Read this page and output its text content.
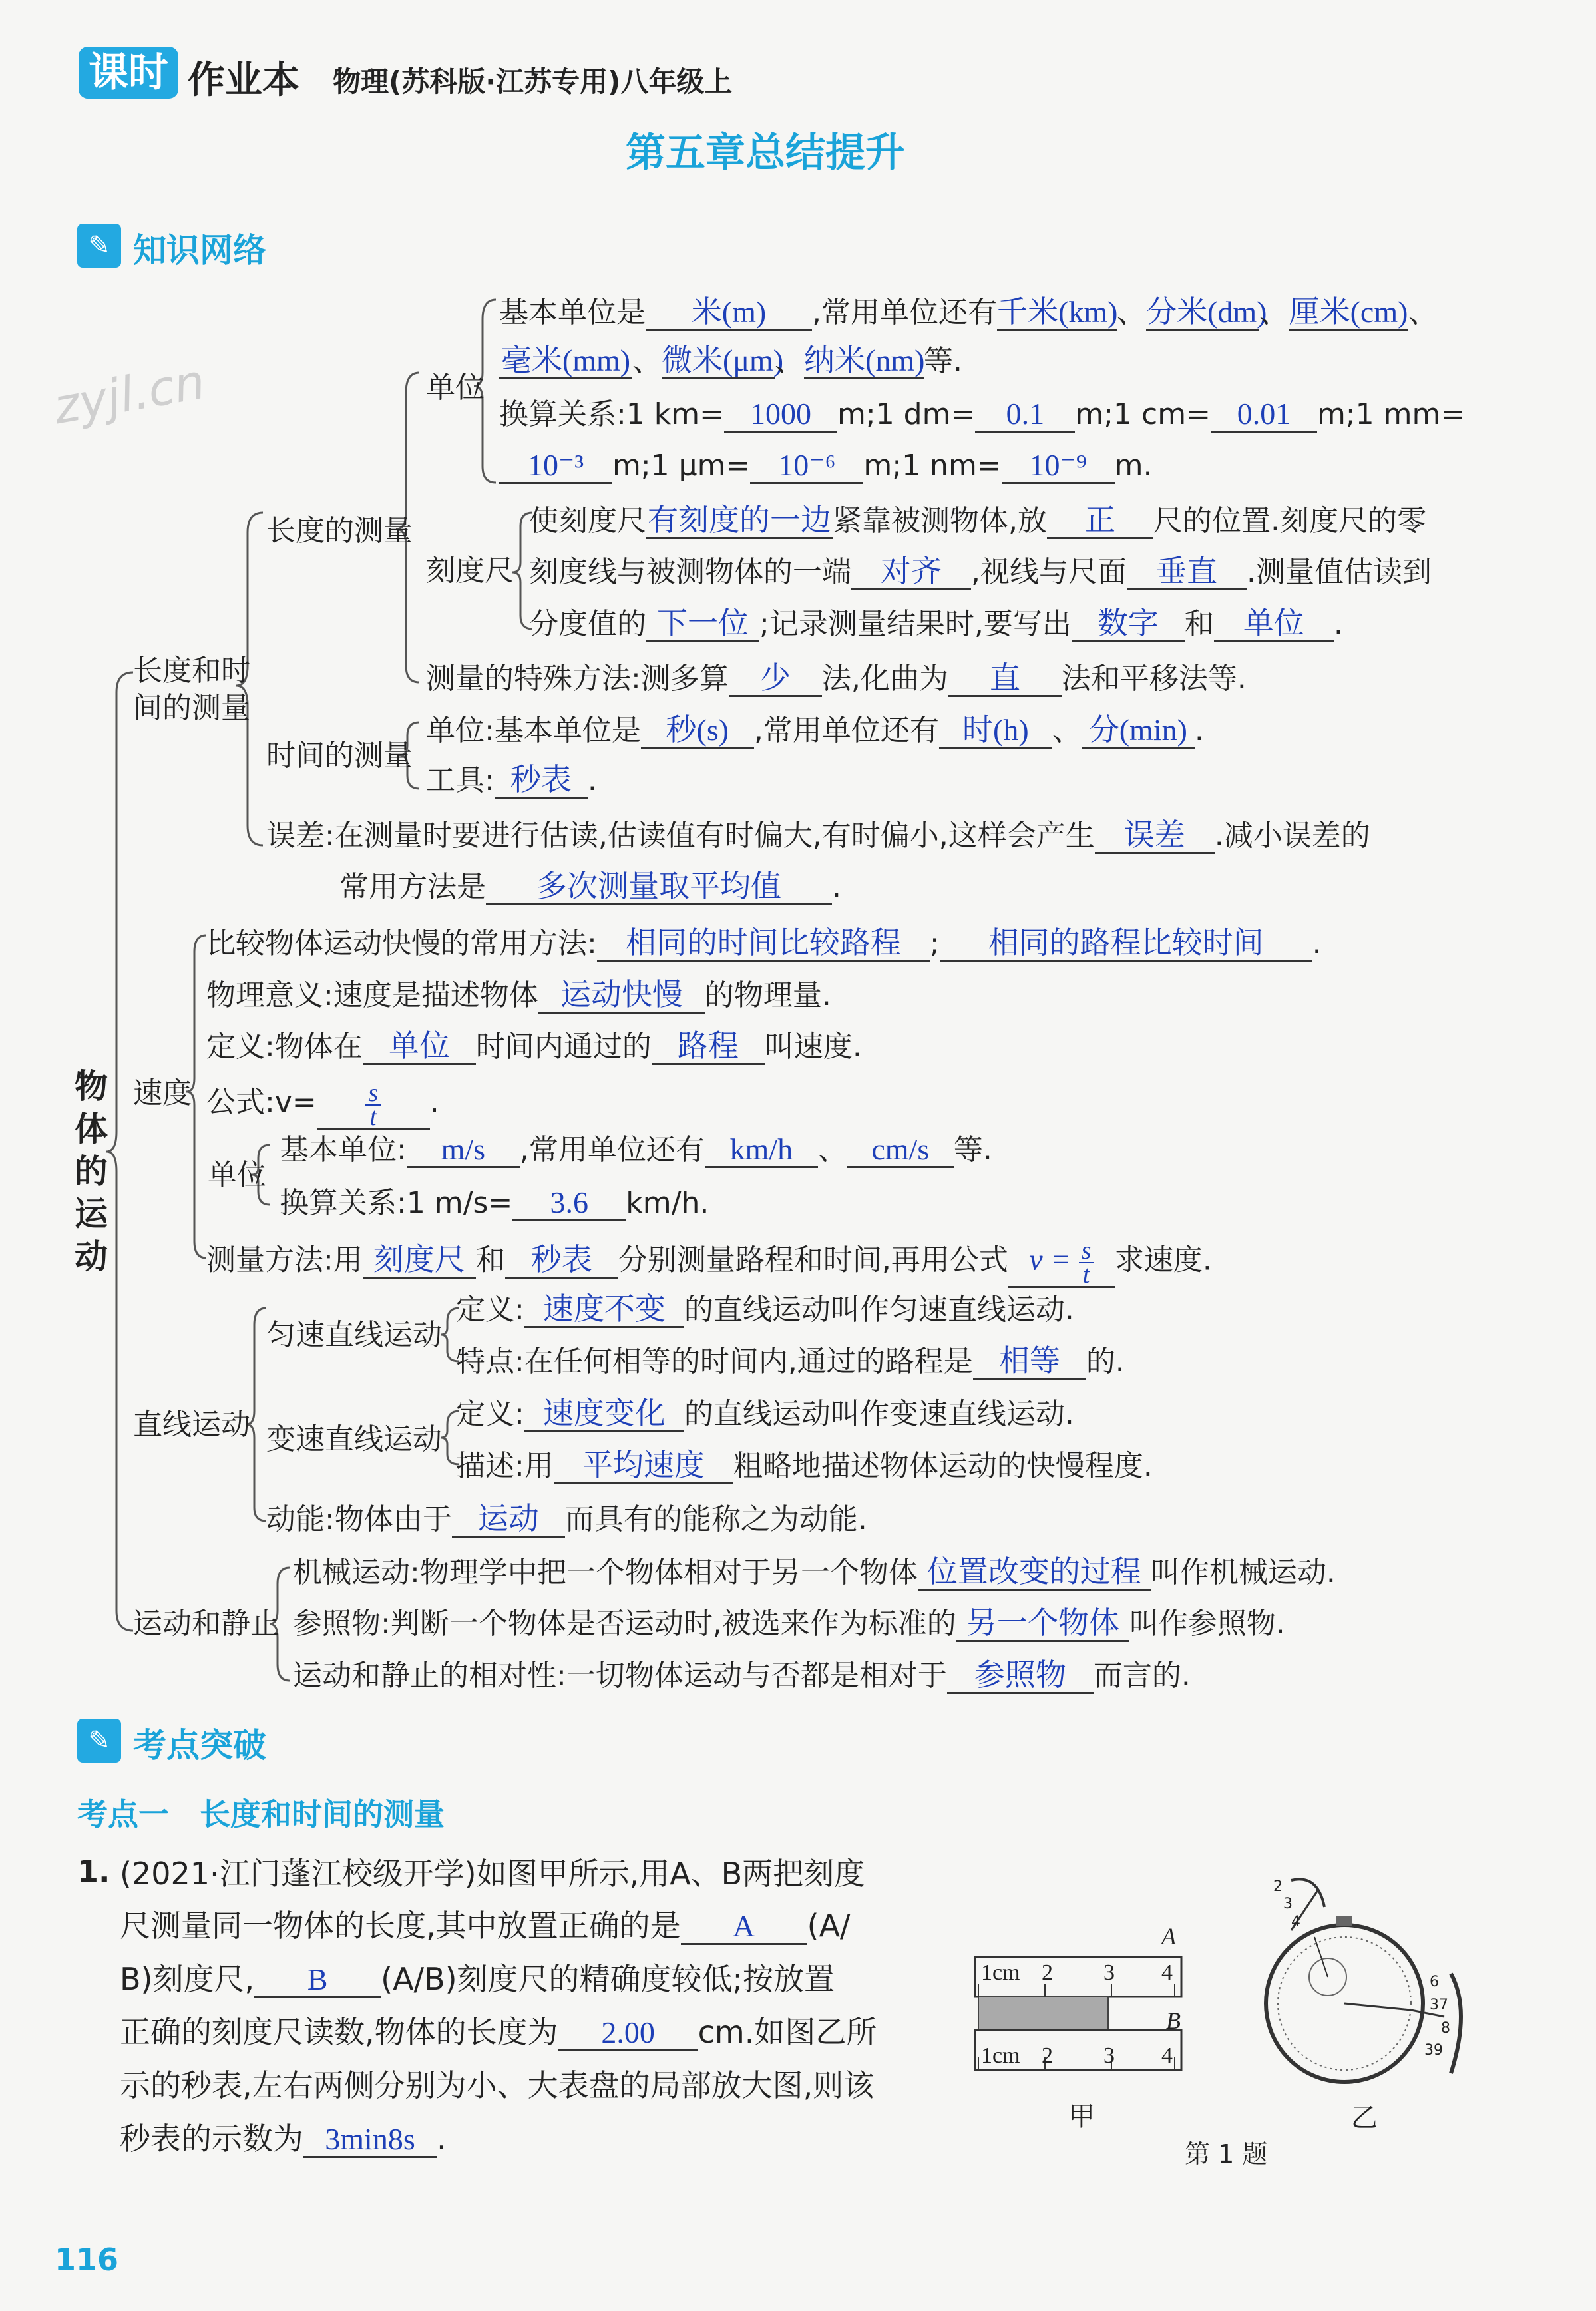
课时 作业本 物理(苏科版·江苏专用)八年级上
第五章总结提升
✎ 知识网络
zyjl.cn
物体的运动
长度和时间的测量
长度的测量
单位
基本单位是 米(m) ,常用单位还有千米(km)、分米(dm)、厘米(cm)、
毫米(mm)、微米(μm)、纳米(nm)等.
换算关系:1 km= 1000 m;1 dm= 0.1 m;1 cm= 0.01 m;1 mm=
10⁻³ m;1 μm= 10⁻⁶ m;1 nm= 10⁻⁹ m.
刻度尺
使刻度尺有刻度的一边紧靠被测物体,放 正 尺的位置.刻度尺的零
刻度线与被测物体的一端 对齐 ,视线与尺面 垂直 .测量值估读到
分度值的 下一位 ;记录测量结果时,要写出 数字 和 单位 .
测量的特殊方法:测多算 少 法,化曲为 直 法和平移法等.
时间的测量
单位:基本单位是 秒(s) ,常用单位还有 时(h) 、 分(min) .
工具: 秒表 .
误差:在测量时要进行估读,估读值有时偏大,有时偏小,这样会产生 误差 .减小误差的
常用方法是 多次测量取平均值 .
速度
比较物体运动快慢的常用方法: 相同的时间比较路程 ; 相同的路程比较时间 .
物理意义:速度是描述物体 运动快慢 的物理量.
定义:物体在 单位 时间内通过的 路程 叫速度.
公式:v= $\frac{s}{t}$ .
单位
基本单位: m/s ,常用单位还有 km/h 、 cm/s 等.
换算关系:1 m/s= 3.6 km/h.
测量方法:用 刻度尺 和 秒表 分别测量路程和时间,再用公式 $v = \frac{s}{t}$ 求速度.
直线运动
匀速直线运动
定义: 速度不变 的直线运动叫作匀速直线运动.
特点:在任何相等的时间内,通过的路程是 相等 的.
变速直线运动
定义: 速度变化 的直线运动叫作变速直线运动.
描述:用 平均速度 粗略地描述物体运动的快慢程度.
动能:物体由于 运动 而具有的能称之为动能.
运动和静止
机械运动:物理学中把一个物体相对于另一个物体 位置改变的过程 叫作机械运动.
参照物:判断一个物体是否运动时,被选来作为标准的 另一个物体 叫作参照物.
运动和静止的相对性:一切物体运动与否都是相对于 参照物 而言的.
✎ 考点突破
考点一　长度和时间的测量
1. (2021·江门蓬江校级开学)如图甲所示,用A、B两把刻度
尺测量同一物体的长度,其中放置正确的是 A (A/
B)刻度尺, B (A/B)刻度尺的精确度较低;按放置
正确的刻度尺读数,物体的长度为 2.00 cm.如图乙所
示的秒表,左右两侧分别为小、大表盘的局部放大图,则该
秒表的示数为 3min8s .
1cm 2 3 4
1cm 2 3 4
A
B
甲
2
3
4
6
37
8
39
乙
第 1 题
116
